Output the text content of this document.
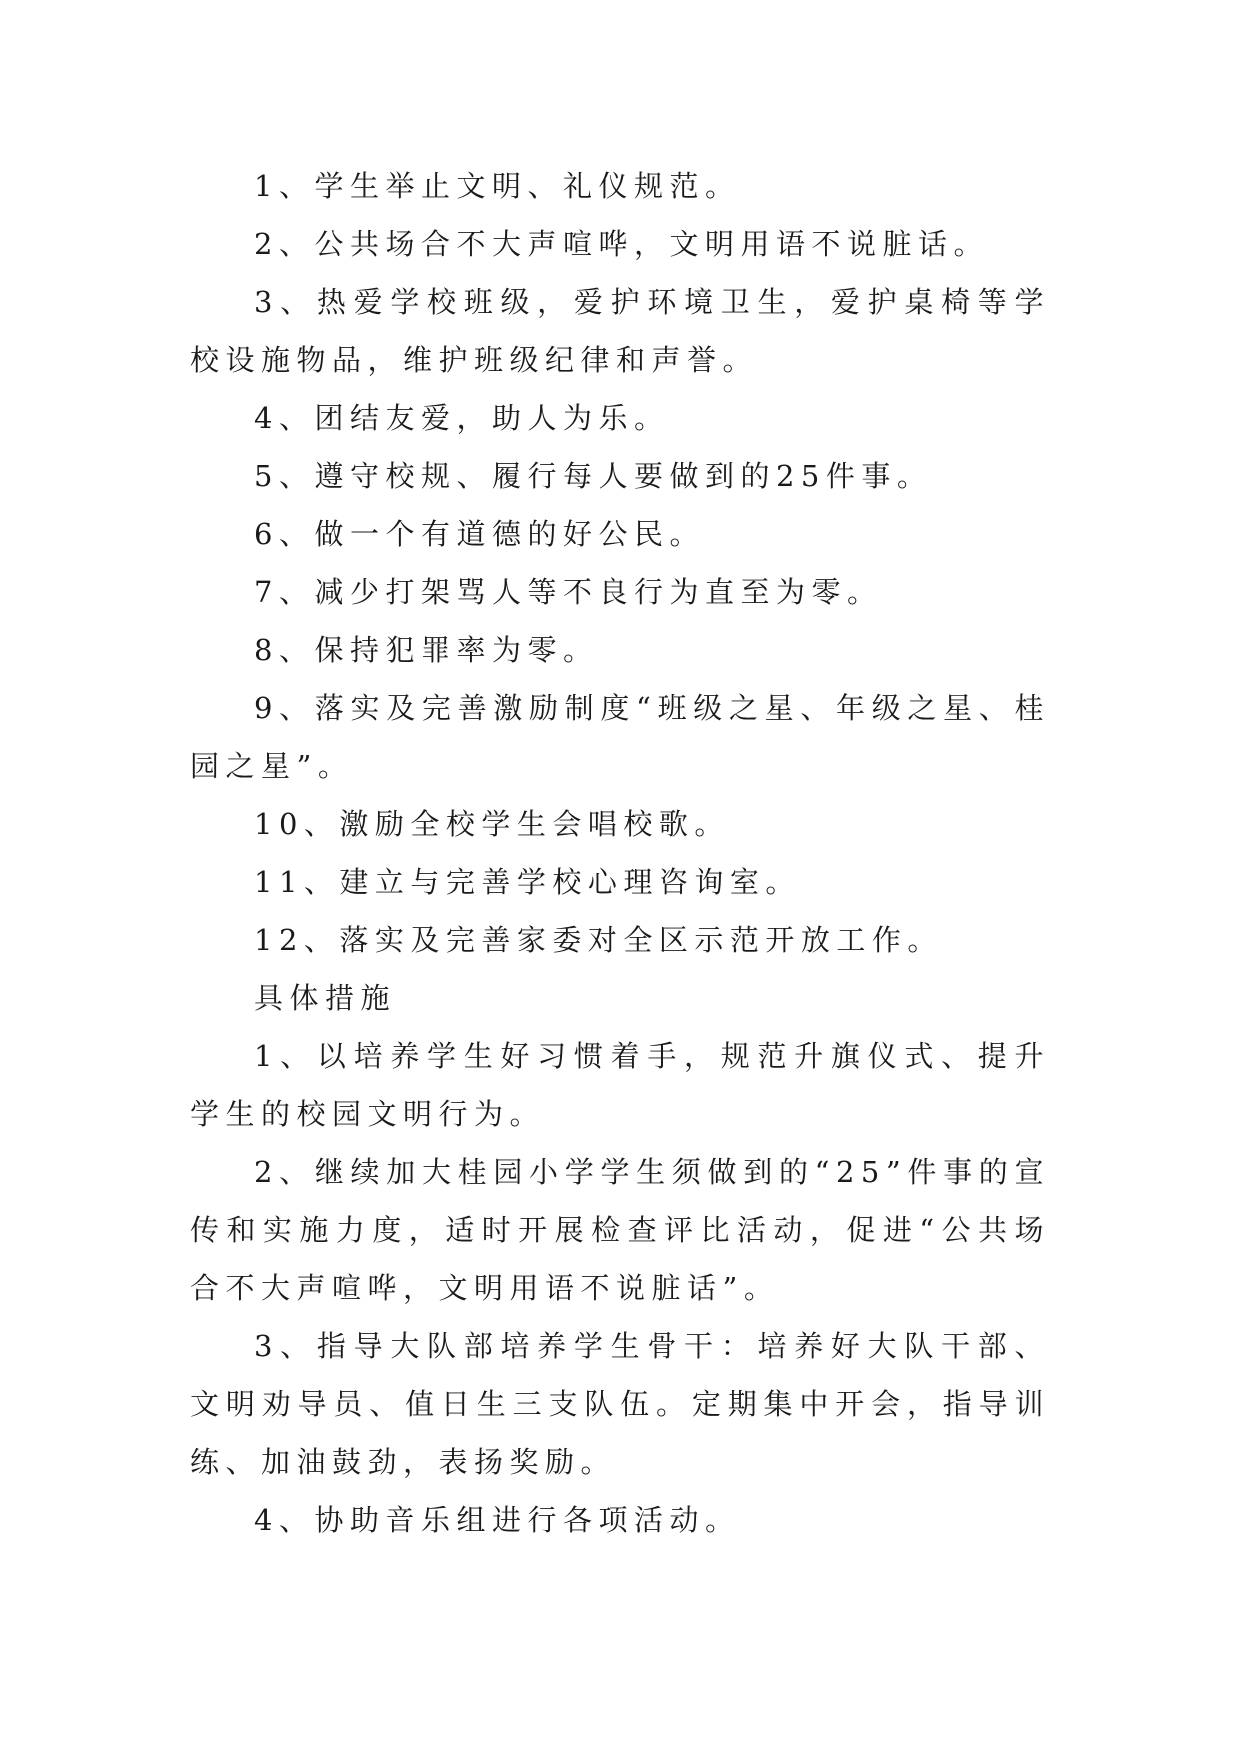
1、学生举止文明、礼仪规范。

2、公共场合不大声喧哗，文明用语不说脏话。

3、热爱学校班级，爱护环境卫生，爱护桌椅等学校设施物品，维护班级纪律和声誉。

4、团结友爱，助人为乐。

5、遵守校规、履行每人要做到的25件事。

6、做一个有道德的好公民。

7、减少打架骂人等不良行为直至为零。

8、保持犯罪率为零。

9、落实及完善激励制度“班级之星、年级之星、桂园之星”。

10、激励全校学生会唱校歌。

11、建立与完善学校心理咨询室。

12、落实及完善家委对全区示范开放工作。

具体措施

1、以培养学生好习惯着手，规范升旗仪式、提升学生的校园文明行为。

2、继续加大桂园小学学生须做到的“25”件事的宣传和实施力度，适时开展检查评比活动，促进“公共场合不大声喧哗，文明用语不说脏话”。

3、指导大队部培养学生骨干：培养好大队干部、文明劝导员、值日生三支队伍。定期集中开会，指导训练、加油鼓劲，表扬奖励。

4、协助音乐组进行各项活动。
